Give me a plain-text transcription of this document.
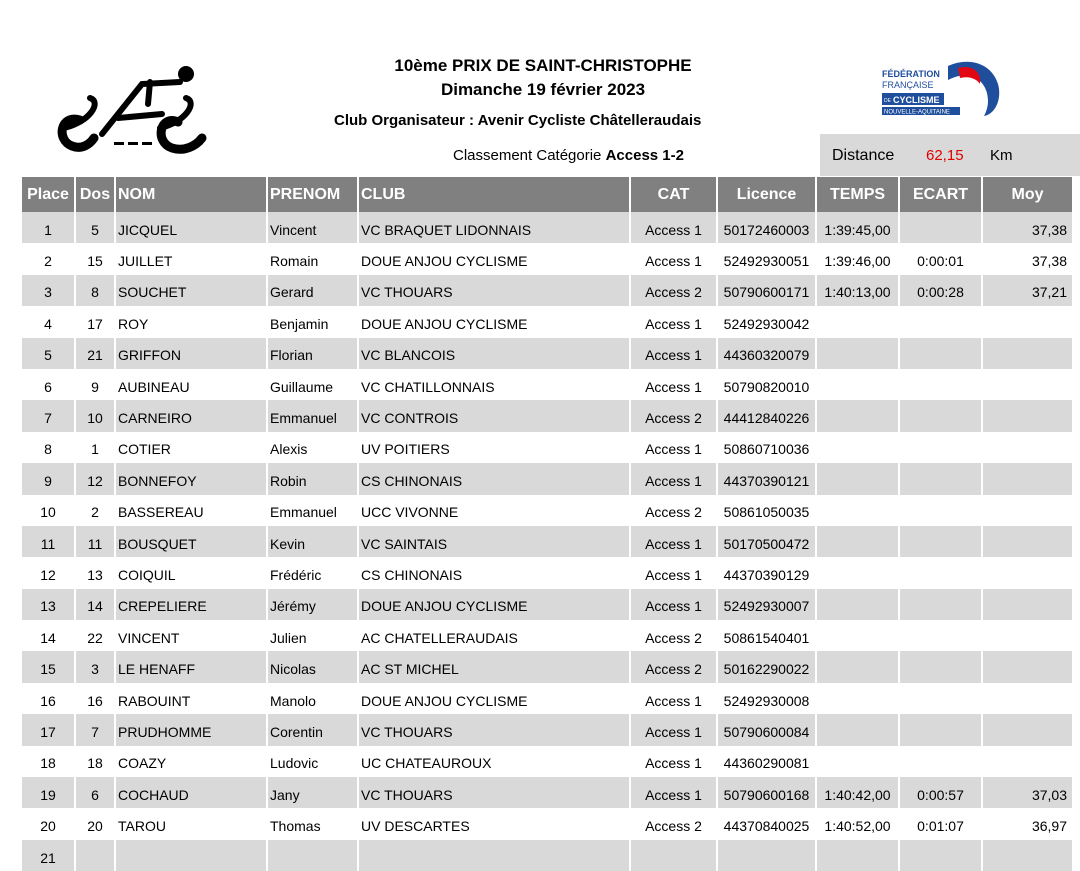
10ème PRIX DE SAINT-CHRISTOPHE
Dimanche 19 février 2023
Club Organisateur : Avenir Cycliste Châtelleraudais
Classement Catégorie Access 1-2
FÉDÉRATION
FRANÇAISE
DE CYCLISME
NOUVELLE-AQUITAINE
Distance 62,15 Km
Place	Dos	NOM	PRENOM	CLUB	CAT	Licence	TEMPS	ECART	Moy
1	5	JICQUEL	Vincent	VC BRAQUET LIDONNAIS	Access 1	50172460003	1:39:45,00		37,38
2	15	JUILLET	Romain	DOUE ANJOU CYCLISME	Access 1	52492930051	1:39:46,00	0:00:01	37,38
3	8	SOUCHET	Gerard	VC THOUARS	Access 2	50790600171	1:40:13,00	0:00:28	37,21
4	17	ROY	Benjamin	DOUE ANJOU CYCLISME	Access 1	52492930042			
5	21	GRIFFON	Florian	VC BLANCOIS	Access 1	44360320079			
6	9	AUBINEAU	Guillaume	VC CHATILLONNAIS	Access 1	50790820010			
7	10	CARNEIRO	Emmanuel	VC CONTROIS	Access 2	44412840226			
8	1	COTIER	Alexis	UV POITIERS	Access 1	50860710036			
9	12	BONNEFOY	Robin	CS CHINONAIS	Access 1	44370390121			
10	2	BASSEREAU	Emmanuel	UCC VIVONNE	Access 2	50861050035			
11	11	BOUSQUET	Kevin	VC SAINTAIS	Access 1	50170500472			
12	13	COIQUIL	Frédéric	CS CHINONAIS	Access 1	44370390129			
13	14	CREPELIERE	Jérémy	DOUE ANJOU CYCLISME	Access 1	52492930007			
14	22	VINCENT	Julien	AC CHATELLERAUDAIS	Access 2	50861540401			
15	3	LE HENAFF	Nicolas	AC ST MICHEL	Access 2	50162290022			
16	16	RABOUINT	Manolo	DOUE ANJOU CYCLISME	Access 1	52492930008			
17	7	PRUDHOMME	Corentin	VC THOUARS	Access 1	50790600084			
18	18	COAZY	Ludovic	UC CHATEAUROUX	Access 1	44360290081			
19	6	COCHAUD	Jany	VC THOUARS	Access 1	50790600168	1:40:42,00	0:00:57	37,03
20	20	TAROU	Thomas	UV DESCARTES	Access 2	44370840025	1:40:52,00	0:01:07	36,97
21									
